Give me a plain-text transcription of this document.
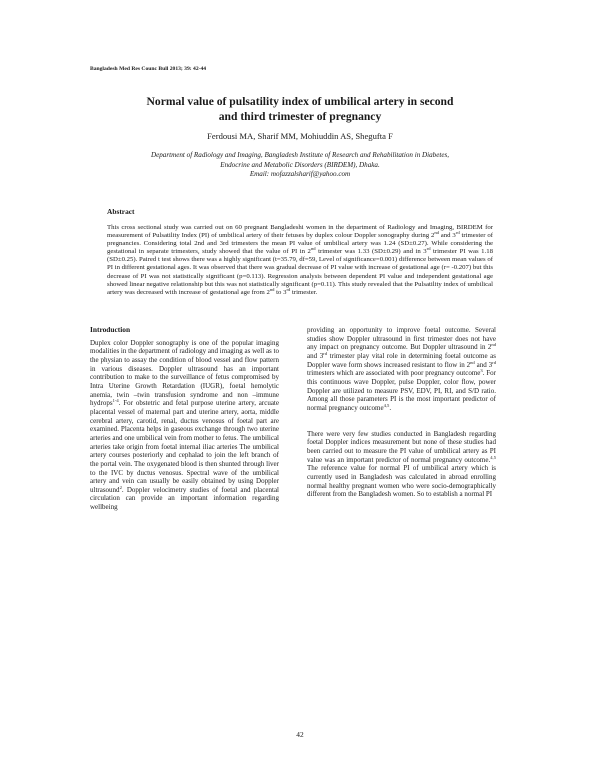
Bangladesh Med Res Counc Bull 2013; 39: 42-44
Normal value of pulsatility index of umbilical artery in second
and third trimester of pregnancy
Ferdousi MA, Sharif MM, Mohiuddin AS, Shegufta F
Department of Radiology and Imaging, Bangladesh Institute of Research and Rehabilitation in Diabetes,
Endocrine and Metabolic Disorders (BIRDEM), Dhaka.
Email: mofazzalsharif@yahoo.com
Abstract

This cross sectional study was carried out on 60 pregnant Bangladeshi women in the department of Radiology and Imaging, BIRDEM for measurement of Pulsatility Index (PI) of umbilical artery of their fetuses by duplex colour Doppler sonography during 2nd and 3rd trimester of pregnancies. Considering total 2nd and 3rd trimesters the mean PI value of umbilical artery was 1.24 (SD±0.27). While considering the gestational in separate trimesters, study showed that the value of PI in 2nd trimester was 1.33 (SD±0.29) and in 3rd trimester PI was 1.18 (SD±0.25). Paired t test shows there was a highly significant (t=35.79, df=59, Level of significance=0.001) difference between mean values of PI in different gestational ages. It was observed that there was gradual decrease of PI value with increase of gestational age (r= -0.207) but this decrease of PI was not statistically significant (p=0.113). Regression analysis between dependent PI value and independent gestational age showed linear negative relationship but this was not statistically significant (p=0.11). This study revealed that the Pulsatility index of umbilical artery was decreased with increase of gestational age from 2nd to 3rd trimester.

Introduction

Duplex color Doppler sonography is one of the popular imaging modalities in the department of radiology and imaging as well as to the physian to assay the condition of blood vessel and flow pattern in various diseases. Doppler ultrasound has an important contribution to make to the surveillance of fetus compromised by Intra Uterine Growth Retardation (IUGR), foetal hemolytic anemia, twin –twin transfusion syndrome and non –immune hydrops$^{1-4}$. For obstetric and fetal purpose uterine artery, arcuate placental vessel of maternal part and uterine artery, aorta, middle cerebral artery, carotid, renal, ductus venosus of foetal part are examined. Placenta helps in gaseous exchange through two uterine arteries and one umbilical vein from mother to fetus. The umbilical arteries take origin from foetal internal iliac arteries The umbilical artery courses posteriorly and cephalad to join the left branch of the portal vein. The oxygenated blood is then shunted through liver to the IVC by ductus venosus. Spectral wave of the umbilical artery and vein can usually be easily obtained by using Doppler ultrasound$^2$. Doppler velocimetry studies of foetal and placental circulation can provide an important information regarding wellbeing

providing an opportunity to improve foetal outcome. Several studies show Doppler ultrasound in first trimester does not have any impact on pregnancy outcome. But Doppler ultrasound in 2nd and 3rd trimester play vital role in determining foetal outcome as Doppler wave form shows increased resistant to flow in 2nd and 3rd trimesters which are associated with poor pregnancy outcome$^3$. For this continuous wave Doppler, pulse Doppler, color flow, power Doppler are utilized to measure PSV, EDV, PI, RI, and S/D ratio. Among all those parameters PI is the most important predictor of normal pregnancy outcome$^{4,5}$.

There were very few studies conducted in Bangladesh regarding foetal Doppler indices measurement but none of these studies had been carried out to measure the PI value of umbilical artery as PI value was an important predictor of normal pregnancy outcome.$^{4,5}$ The reference value for normal PI of umbilical artery which is currently used in Bangladesh was calculated in abroad enrolling normal healthy pregnant women who were socio-demographically different from the Bangladesh women. So to establish a normal PI

42
